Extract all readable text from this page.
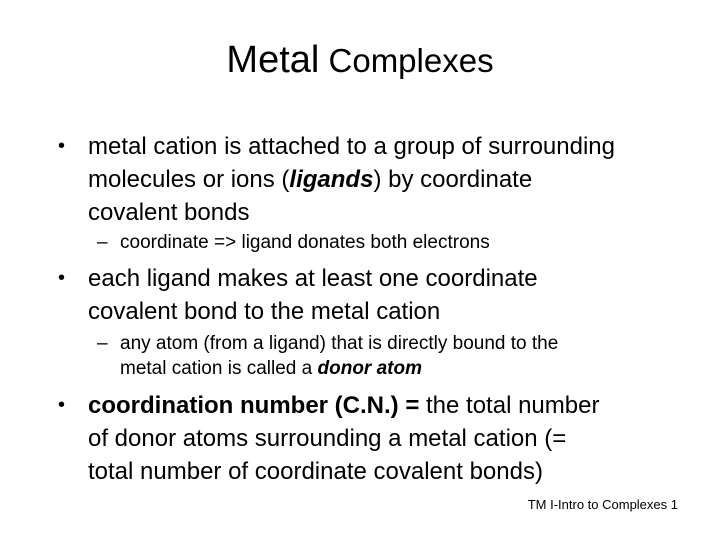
Metal Complexes
• metal cation is attached to a group of surrounding
molecules or ions (ligands) by coordinate
covalent bonds
– coordinate => ligand donates both electrons
• each ligand makes at least one coordinate
covalent bond to the metal cation
– any atom (from a ligand) that is directly bound to the
metal cation is called a donor atom
• coordination number (C.N.) = the total number
of donor atoms surrounding a metal cation (=
total number of coordinate covalent bonds)
TM I-Intro to Complexes 1
